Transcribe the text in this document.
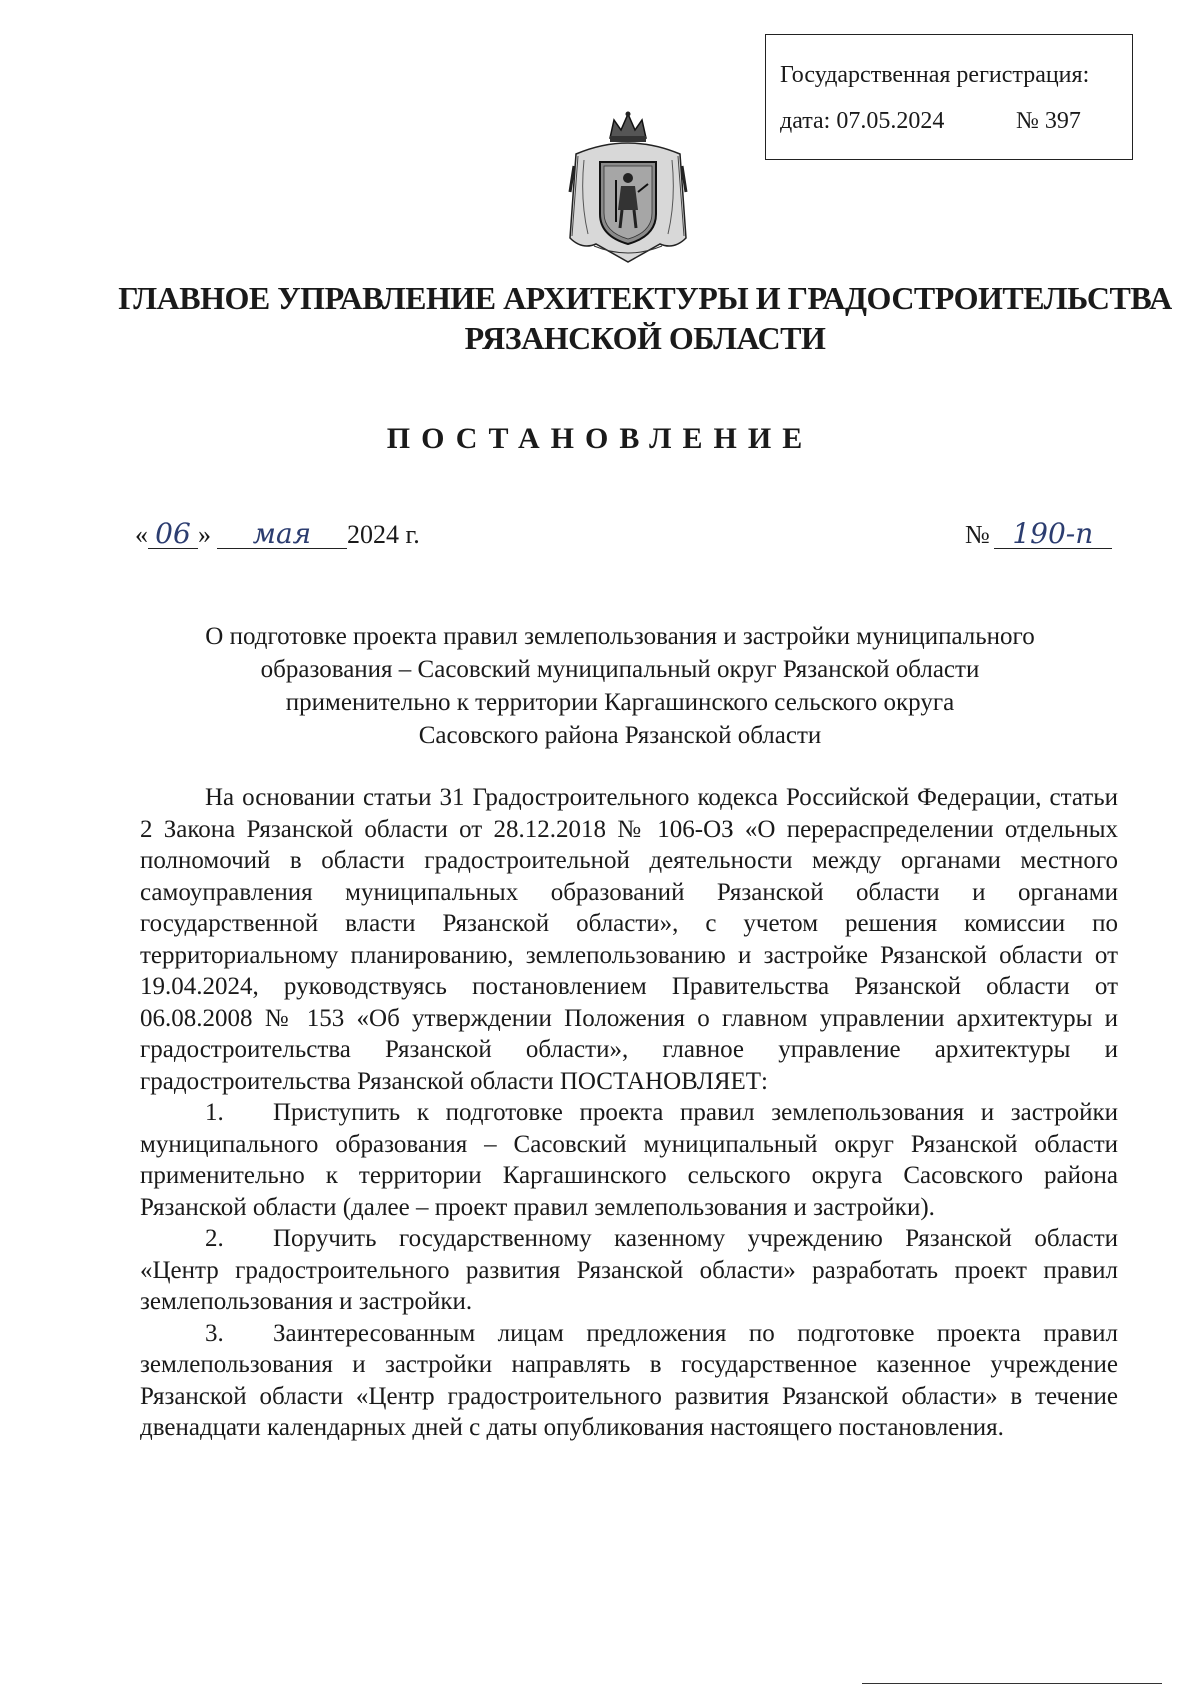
Государственная регистрация:
дата: 07.05.2024	№ 397
ГЛАВНОЕ УПРАВЛЕНИЕ АРХИТЕКТУРЫ И ГРАДОСТРОИТЕЛЬСТВА
РЯЗАНСКОЙ ОБЛАСТИ
ПОСТАНОВЛЕНИЕ
« 06 » мая 2024 г.	№ 190-п
О подготовке проекта правил землепользования и застройки муниципального
образования – Сасовский муниципальный округ Рязанской области
применительно к территории Каргашинского сельского округа
Сасовского района Рязанской области

На основании статьи 31 Градостроительного кодекса Российской Федерации, статьи 2 Закона Рязанской области от 28.12.2018 № 106-ОЗ «О перераспределении отдельных полномочий в области градостроительной деятельности между органами местного самоуправления муниципальных образований Рязанской области и органами государственной власти Рязанской области», с учетом решения комиссии по территориальному планированию, землепользованию и застройке Рязанской области от 19.04.2024, руководствуясь постановлением Правительства Рязанской области от 06.08.2008 № 153 «Об утверждении Положения о главном управлении архитектуры и градостроительства Рязанской области», главное управление архитектуры и градостроительства Рязанской области ПОСТАНОВЛЯЕТ:

1. Приступить к подготовке проекта правил землепользования и застройки муниципального образования – Сасовский муниципальный округ Рязанской области применительно к территории Каргашинского сельского округа Сасовского района Рязанской области (далее – проект правил землепользования и застройки).

2. Поручить государственному казенному учреждению Рязанской области «Центр градостроительного развития Рязанской области» разработать проект правил землепользования и застройки.

3. Заинтересованным лицам предложения по подготовке проекта правил землепользования и застройки направлять в государственное казенное учреждение Рязанской области «Центр градостроительного развития Рязанской области» в течение двенадцати календарных дней с даты опубликования настоящего постановления.
